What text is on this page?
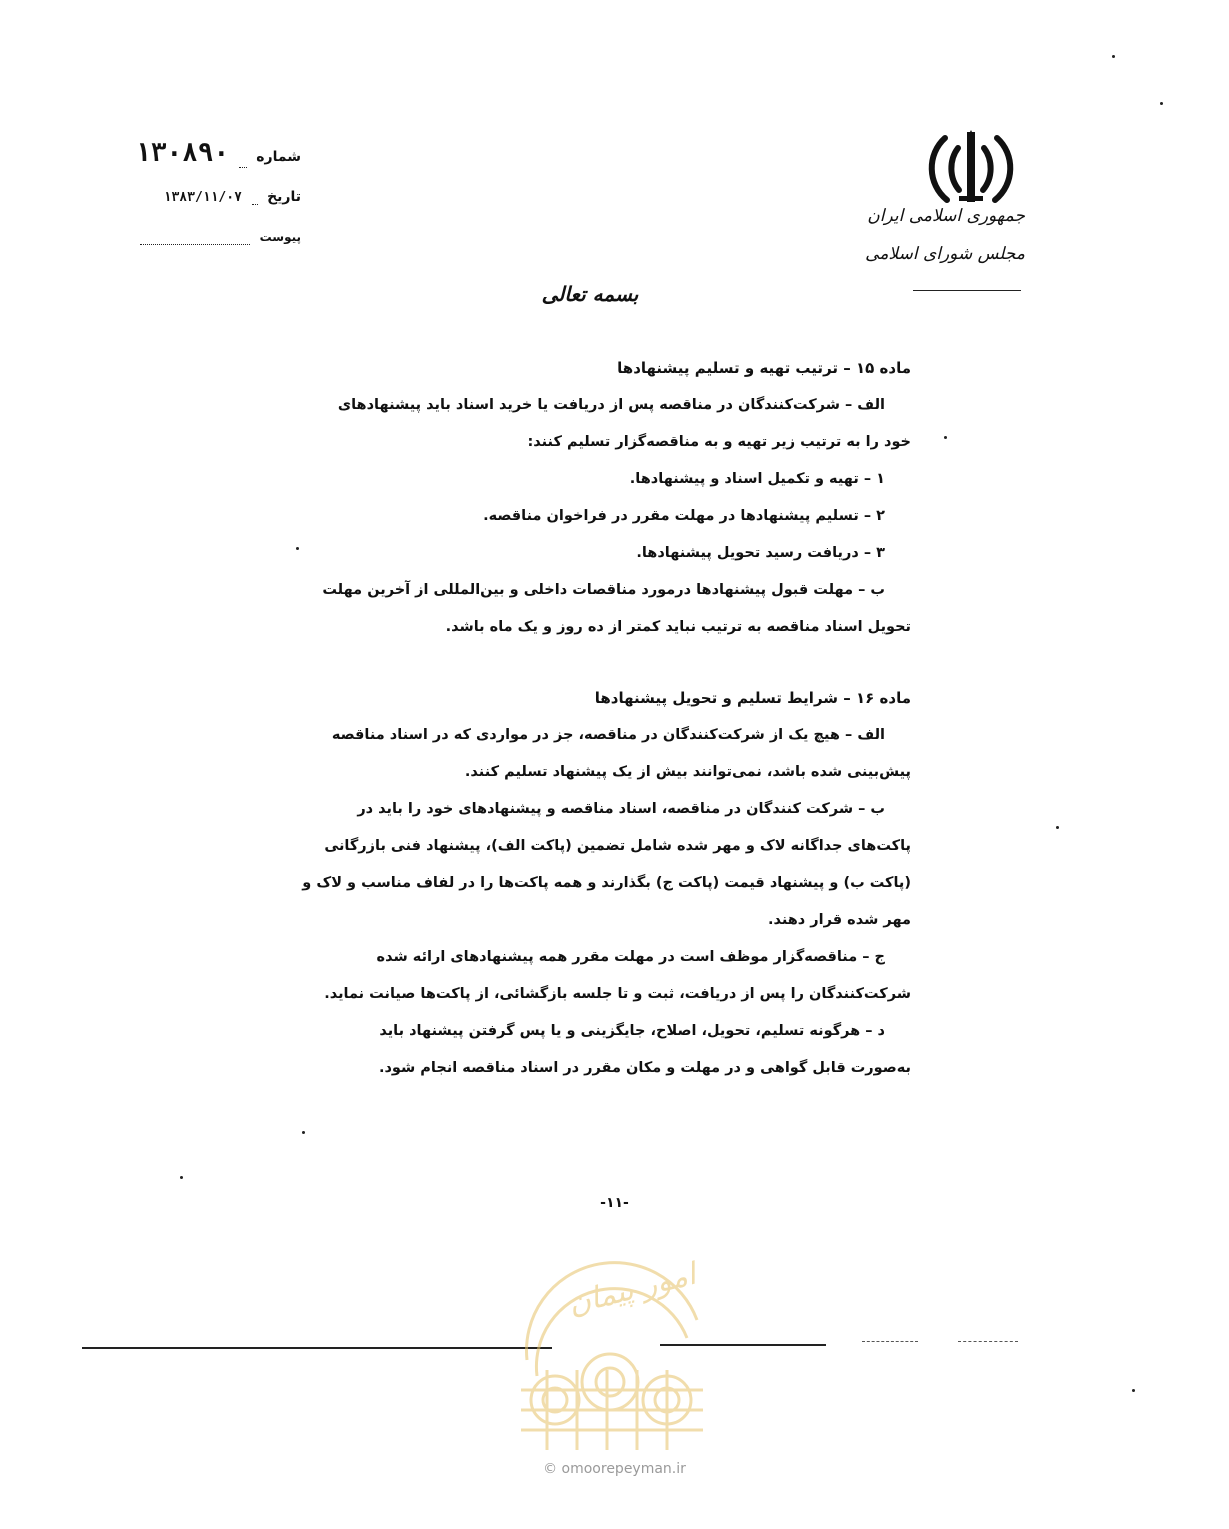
شماره  ۱۳۰۸۹۰
تاریخ  ۱۳۸۳/۱۱/۰۷
پیوست
جمهوری اسلامی ایران
مجلس شورای اسلامی
بسمه تعالی
ماده ۱۵ – ترتیب تهیه و تسلیم پیشنهادها
الف – شرکت‌کنندگان در مناقصه پس از دریافت یا خرید اسناد باید پیشنهادهای
خود را به ترتیب زیر تهیه و به مناقصه‌گزار تسلیم کنند:
۱ – تهیه و تکمیل اسناد و پیشنهادها.
۲ – تسلیم پیشنهادها در مهلت مقرر در فراخوان مناقصه.
۳ – دریافت رسید تحویل پیشنهادها.
ب – مهلت قبول پیشنهادها درمورد مناقصات داخلی و بین‌المللی از آخرین مهلت
تحویل اسناد مناقصه به ترتیب نباید کمتر از ده روز و یک ماه باشد.
ماده ۱۶ – شرایط تسلیم و تحویل پیشنهادها
الف – هیچ یک از شرکت‌کنندگان در مناقصه، جز در مواردی که در اسناد مناقصه
پیش‌بینی شده باشد، نمی‌توانند بیش از یک پیشنهاد تسلیم کنند.
ب – شرکت کنندگان در مناقصه، اسناد مناقصه و پیشنهادهای خود را باید در
پاکت‌های جداگانه لاک و مهر شده شامل تضمین (پاکت الف)، پیشنهاد فنی بازرگانی
(پاکت ب) و پیشنهاد قیمت (پاکت ج) بگذارند و همه پاکت‌ها را در لفاف مناسب و لاک و
مهر شده قرار دهند.
ج – مناقصه‌گزار موظف است در مهلت مقرر همه پیشنهادهای ارائه شده
شرکت‌کنندگان را پس از دریافت، ثبت و تا جلسه بازگشائی، از پاکت‌ها صیانت نماید.
د – هرگونه تسلیم، تحویل، اصلاح، جایگزینی و یا پس گرفتن پیشنهاد باید
به‌صورت قابل گواهی و در مهلت و مکان مقرر در اسناد مناقصه انجام شود.
-۱۱-
امور پیمان
© omoorepeyman.ir
